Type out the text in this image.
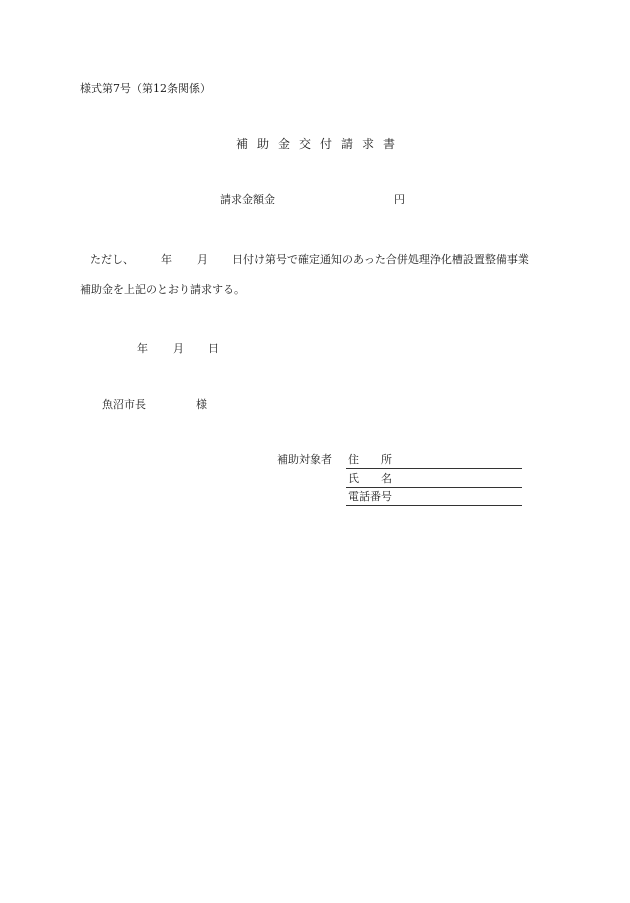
様式第7号（第12条関係）
補助金交付請求書
請求金額金	円
ただし、 年 月 日付け第号で確定通知のあった合併処理浄化槽設置整備事業
補助金を上記のとおり請求する。
年 月 日
魚沼市長	様
補助対象者 住　　所
氏　　名
電話番号
